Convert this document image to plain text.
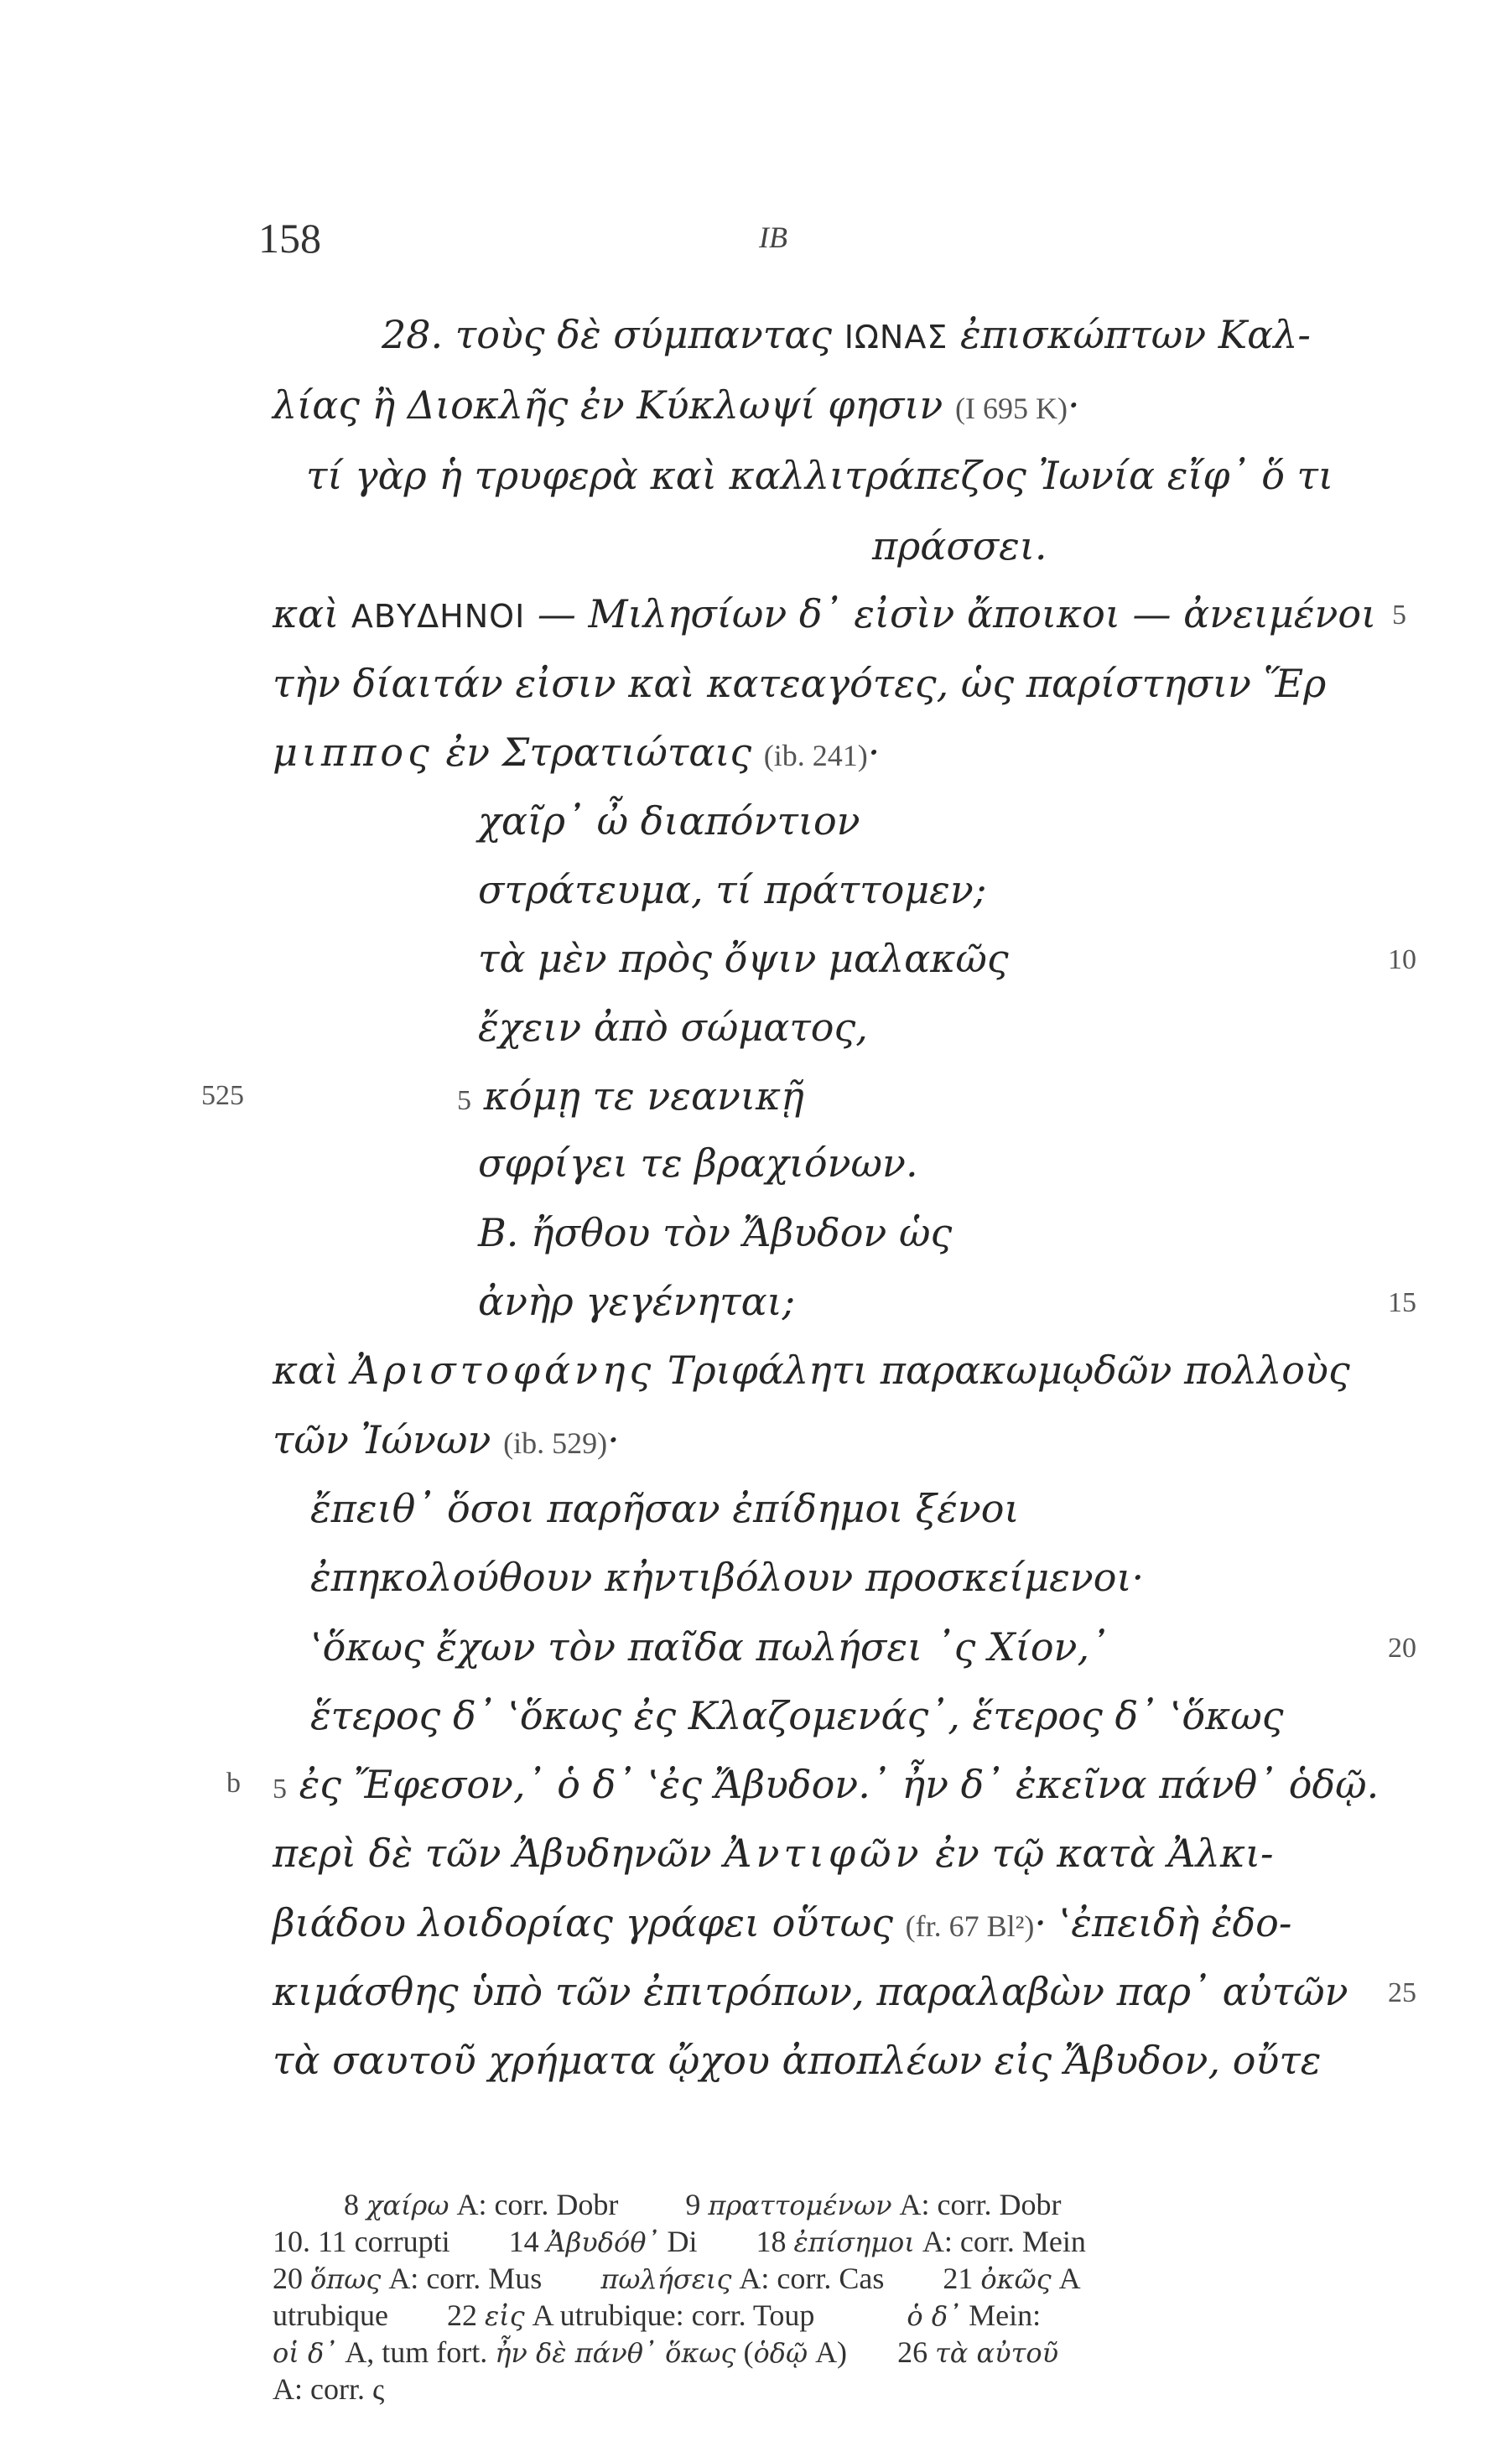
158	IB
28. τοὺς δὲ σύμπαντας ΙΩΝΑΣ ἐπισκώπτων Καλ-
λίας ἢ Διοκλῆς ἐν Κύκλωψί φησιν (Ι 695 Κ)·
τί γὰρ ἡ τρυφερὰ καὶ καλλιτράπεζος Ἰωνία εἴφ᾽ ὅ τι
πράσσει.
καὶ ΑΒΥΔΗΝΟΙ — Μιλησίων δ᾽ εἰσὶν ἄποικοι — ἀνειμένοι
τὴν δίαιτάν εἰσιν καὶ κατεαγότες, ὡς παρίστησιν Ἕρ
μιππος ἐν Στρατιώταις (ib. 241)·
χαῖρ᾽ ὦ διαπόντιον
στράτευμα, τί πράττομεν;
τὰ μὲν πρὸς ὄψιν μαλακῶς
ἔχειν ἀπὸ σώματος,
5 κόμῃ τε νεανικῇ
σφρίγει τε βραχιόνων.
Β. ἤσθου τὸν Ἄβυδον ὡς
ἀνὴρ γεγένηται;
καὶ Ἀριστοφάνης Τριφάλητι παρακωμῳδῶν πολλοὺς
τῶν Ἰώνων (ib. 529)·
ἔπειθ᾽ ὅσοι παρῆσαν ἐπίδημοι ξένοι
ἐπηκολούθουν κἠντιβόλουν προσκείμενοι·
‛ὅκως ἔχων τὸν παῖδα πωλήσει ᾽ς Χίον,᾽
ἕτερος δ᾽ ‛ὅκως ἐς Κλαζομενάς᾽, ἕτερος δ᾽ ‛ὅκως
5 ἐς Ἔφεσον,᾽ ὁ δ᾽ ‛ἐς Ἄβυδον.᾽ ἦν δ᾽ ἐκεῖνα πάνθ᾽ ὁδῷ.
περὶ δὲ τῶν Ἀβυδηνῶν Ἀντιφῶν ἐν τῷ κατὰ Ἀλκι-
βιάδου λοιδορίας γράφει οὕτως (fr. 67 Bl²)· ‛ἐπειδὴ ἐδο-
κιμάσθης ὑπὸ τῶν ἐπιτρόπων, παραλαβὼν παρ᾽ αὐτῶν
τὰ σαυτοῦ χρήματα ᾤχου ἀποπλέων εἰς Ἄβυδον, οὔτε
5
10
15
20
25
525
b
8 χαίρω A: corr. Dobr 9 πραττομένων A: corr. Dobr
10. 11 corrupti 14 Ἀβυδόθ᾽ Di 18 ἐπίσημοι A: corr. Mein
20 ὅπως A: corr. Mus πωλήσεις A: corr. Cas 21 ὀκῶς A
utrubique 22 εἰς A utrubique: corr. Toup	ὁ δ᾽ Mein:
οἱ δ᾽ A, tum fort. ἦν δὲ πάνθ᾽ ὅκως (ὁδῷ A) 26 τὰ αὐτοῦ
A: corr. ς
